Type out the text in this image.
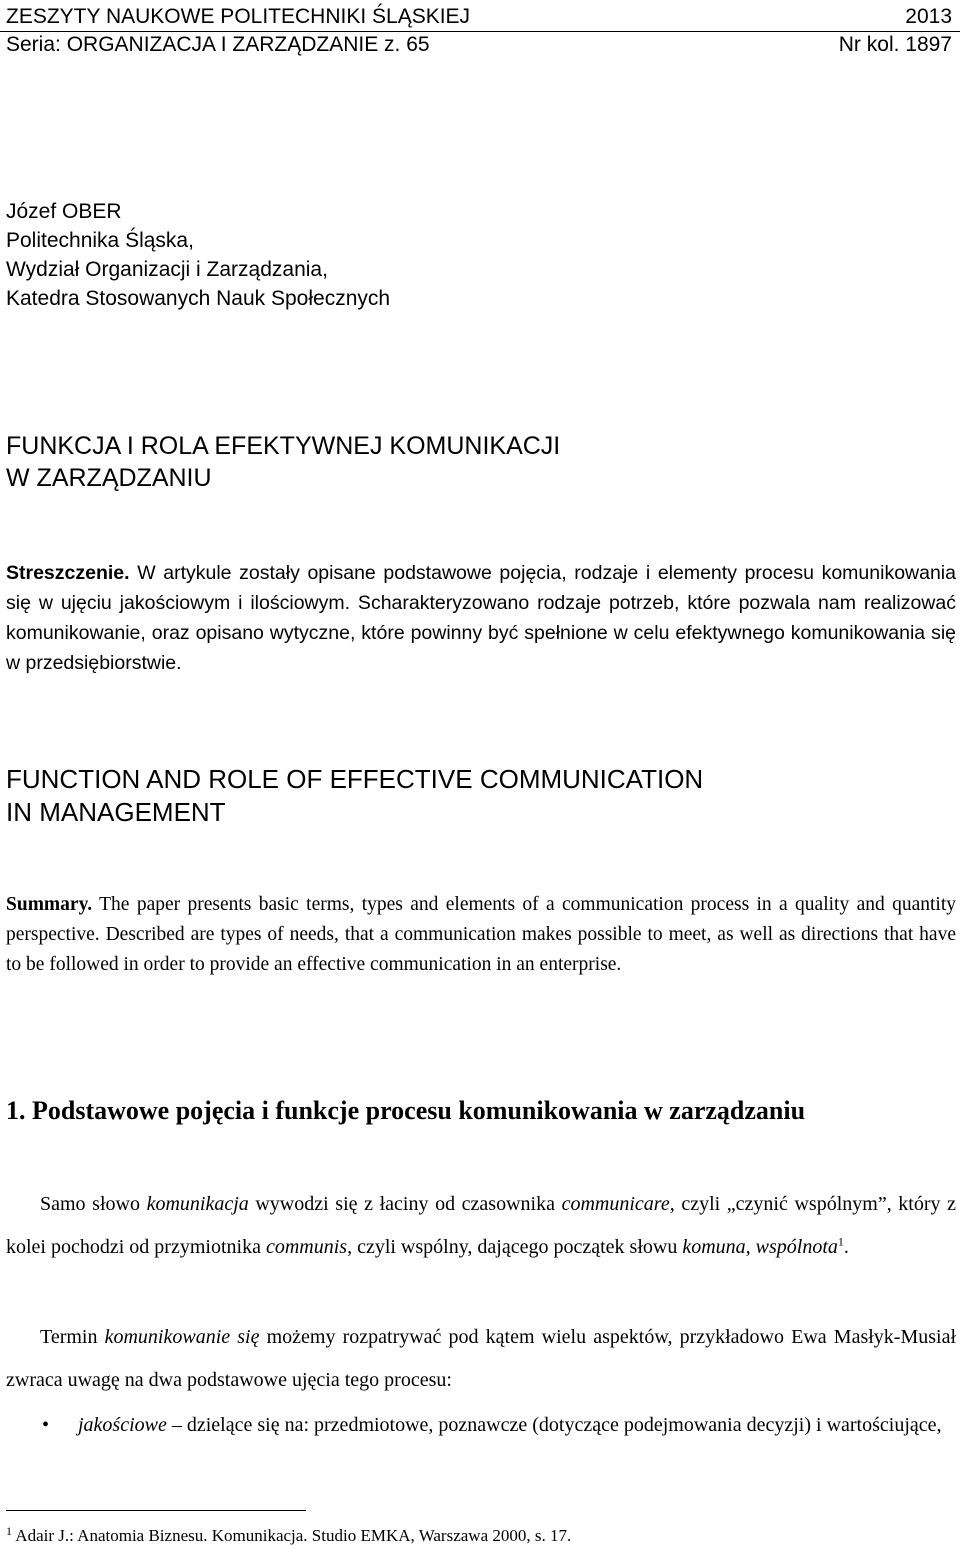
ZESZYTY NAUKOWE POLITECHNIKI ŚLĄSKIEJ	2013
Seria: ORGANIZACJA I ZARZĄDZANIE z. 65	Nr kol. 1897
Józef OBER
Politechnika Śląska,
Wydział Organizacji i Zarządzania,
Katedra Stosowanych Nauk Społecznych
FUNKCJA I ROLA EFEKTYWNEJ KOMUNIKACJI
W ZARZĄDZANIU
Streszczenie. W artykule zostały opisane podstawowe pojęcia, rodzaje i elementy procesu komunikowania się w ujęciu jakościowym i ilościowym. Scharakteryzowano rodzaje potrzeb, które pozwala nam realizować komunikowanie, oraz opisano wytyczne, które powinny być spełnione w celu efektywnego komunikowania się w przedsiębiorstwie.
FUNCTION AND ROLE OF EFFECTIVE COMMUNICATION
IN MANAGEMENT
Summary. The paper presents basic terms, types and elements of a communication process in a quality and quantity perspective. Described are types of needs, that a communication makes possible to meet, as well as directions that have to be followed in order to provide an effective communication in an enterprise.
1. Podstawowe pojęcia i funkcje procesu komunikowania w zarządzaniu
Samo słowo komunikacja wywodzi się z łaciny od czasownika communicare, czyli „czynić wspólnym”, który z kolei pochodzi od przymiotnika communis, czyli wspólny, dającego początek słowu komuna, wspólnota$^1$.
Termin komunikowanie się możemy rozpatrywać pod kątem wielu aspektów, przykładowo Ewa Masłyk-Musiał zwraca uwagę na dwa podstawowe ujęcia tego procesu:
• jakościowe – dzielące się na: przedmiotowe, poznawcze (dotyczące podejmowania decyzji) i wartościujące,
$^1$ Adair J.: Anatomia Biznesu. Komunikacja. Studio EMKA, Warszawa 2000, s. 17.
